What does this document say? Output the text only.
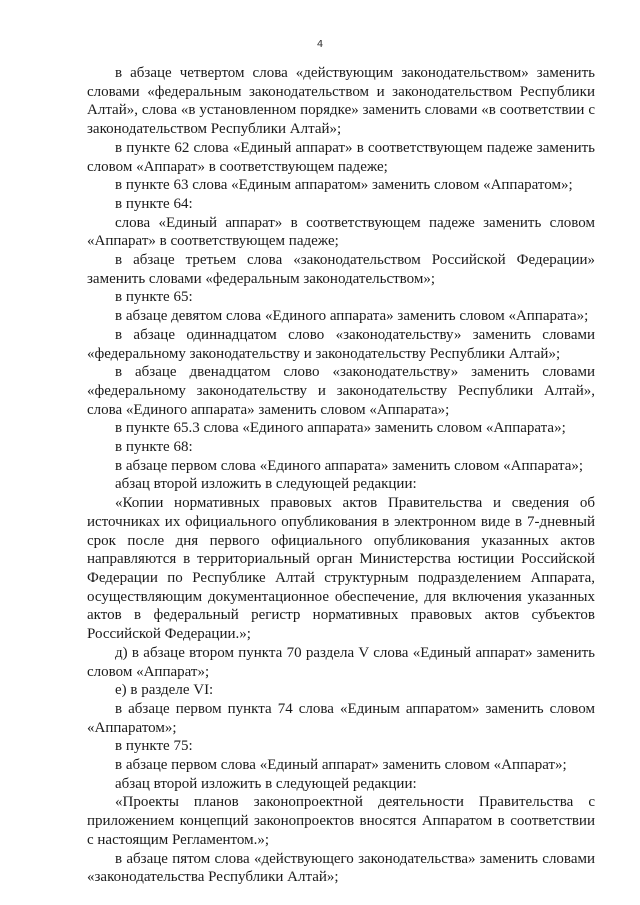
4

в абзаце четвертом слова «действующим законодательством» заменить словами «федеральным законодательством и законодательством Республики Алтай», слова «в установленном порядке» заменить словами «в соответствии с законодательством Республики Алтай»;

в пункте 62 слова «Единый аппарат» в соответствующем падеже заменить словом «Аппарат» в соответствующем падеже;

в пункте 63 слова «Единым аппаратом» заменить словом «Аппаратом»;

в пункте 64:

слова «Единый аппарат» в соответствующем падеже заменить словом «Аппарат» в соответствующем падеже;

в абзаце третьем слова «законодательством Российской Федерации» заменить словами «федеральным законодательством»;

в пункте 65:

в абзаце девятом слова «Единого аппарата» заменить словом «Аппарата»;

в абзаце одиннадцатом слово «законодательству» заменить словами «федеральному законодательству и законодательству Республики Алтай»;

в абзаце двенадцатом слово «законодательству» заменить словами «федеральному законодательству и законодательству Республики Алтай», слова «Единого аппарата» заменить словом «Аппарата»;

в пункте 65.3 слова «Единого аппарата» заменить словом «Аппарата»;

в пункте 68:

в абзаце первом слова «Единого аппарата» заменить словом «Аппарата»;

абзац второй изложить в следующей редакции:

«Копии нормативных правовых актов Правительства и сведения об источниках их официального опубликования в электронном виде в 7-дневный срок после дня первого официального опубликования указанных актов направляются в территориальный орган Министерства юстиции Российской Федерации по Республике Алтай структурным подразделением Аппарата, осуществляющим документационное обеспечение, для включения указанных актов в федеральный регистр нормативных правовых актов субъектов Российской Федерации.»;

д) в абзаце втором пункта 70 раздела V слова «Единый аппарат» заменить словом «Аппарат»;

е) в разделе VI:

в абзаце первом пункта 74 слова «Единым аппаратом» заменить словом «Аппаратом»;

в пункте 75:

в абзаце первом слова «Единый аппарат» заменить словом «Аппарат»;

абзац второй изложить в следующей редакции:

«Проекты планов законопроектной деятельности Правительства с приложением концепций законопроектов вносятся Аппаратом в соответствии с настоящим Регламентом.»;

в абзаце пятом слова «действующего законодательства» заменить словами «законодательства Республики Алтай»;
